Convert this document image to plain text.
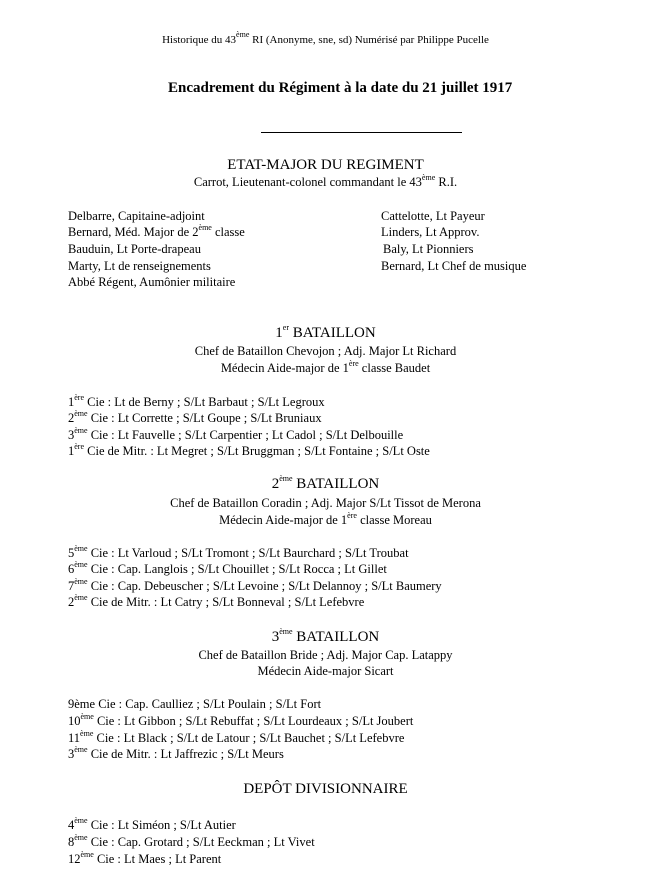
Historique du 43ème RI (Anonyme, sne, sd) Numérisé par Philippe Pucelle
Encadrement du Régiment à la date du 21 juillet 1917
ETAT-MAJOR DU REGIMENT
Carrot, Lieutenant-colonel commandant le 43ème R.I.
Delbarre, Capitaine-adjoint
Bernard, Méd. Major de 2ème classe
Bauduin, Lt Porte-drapeau
Marty, Lt de renseignements
Abbé Régent, Aumônier militaire
Cattelotte, Lt Payeur
Linders, Lt Approv.
Baly, Lt Pionniers
Bernard, Lt Chef de musique
1er BATAILLON
Chef de Bataillon Chevojon ; Adj. Major Lt Richard
Médecin Aide-major de 1ère classe Baudet
1ère Cie : Lt de Berny ; S/Lt Barbaut ; S/Lt Legroux
2ème Cie : Lt Corrette ; S/Lt Goupe ; S/Lt Bruniaux
3ème Cie : Lt Fauvelle ; S/Lt Carpentier ; Lt Cadol ; S/Lt Delbouille
1ère Cie de Mitr. : Lt Megret ; S/Lt Bruggman ; S/Lt Fontaine ; S/Lt Oste
2ème BATAILLON
Chef de Bataillon Coradin ; Adj. Major S/Lt Tissot de Merona
Médecin Aide-major de 1ère classe Moreau
5ème Cie : Lt Varloud ; S/Lt Tromont ; S/Lt Baurchard ; S/Lt Troubat
6ème Cie : Cap. Langlois ; S/Lt Chouillet ; S/Lt Rocca ; Lt Gillet
7ème Cie : Cap. Debeuscher ; S/Lt Levoine ; S/Lt Delannoy ; S/Lt Baumery
2ème Cie de Mitr. : Lt Catry ; S/Lt Bonneval ; S/Lt Lefebvre
3ème BATAILLON
Chef de Bataillon Bride ; Adj. Major Cap. Latappy
Médecin Aide-major Sicart
9ème Cie : Cap. Caulliez ; S/Lt Poulain ; S/Lt Fort
10ème Cie : Lt Gibbon ; S/Lt Rebuffat ; S/Lt Lourdeaux ; S/Lt Joubert
11ème Cie : Lt Black ; S/Lt de Latour ; S/Lt Bauchet ; S/Lt Lefebvre
3ème Cie de Mitr. : Lt Jaffrezic ; S/Lt Meurs
DEPÔT DIVISIONNAIRE
4ème Cie : Lt Siméon ; S/Lt Autier
8ème Cie : Cap. Grotard ; S/Lt Eeckman ; Lt Vivet
12ème Cie : Lt Maes ; Lt Parent
